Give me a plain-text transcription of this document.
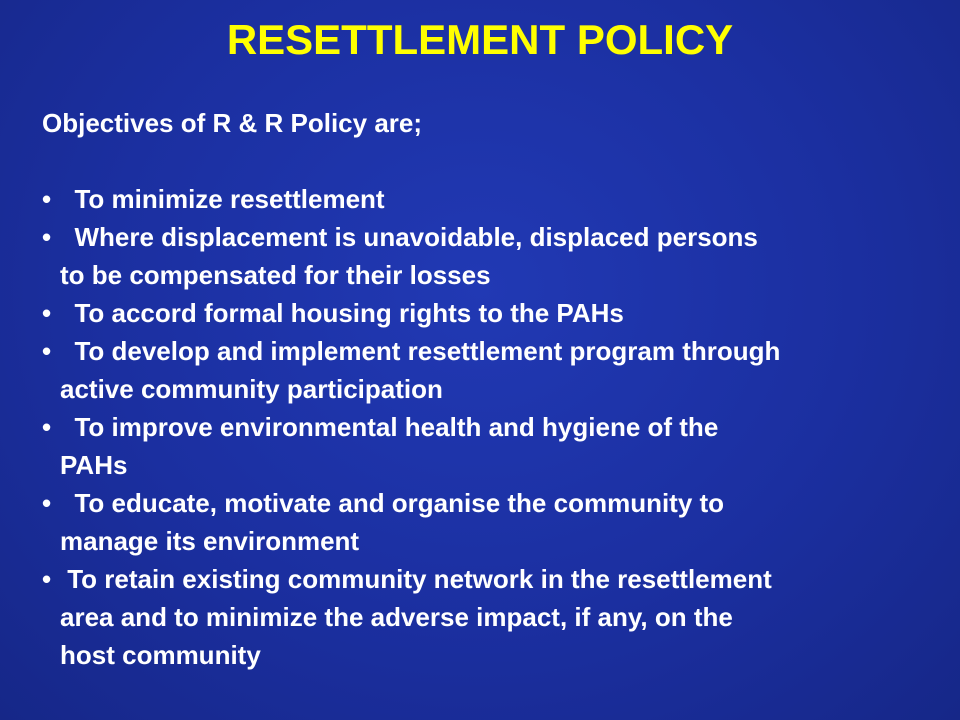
RESETTLEMENT POLICY
Objectives of R & R Policy are;
• To minimize resettlement
• Where displacement is unavoidable, displaced persons
to be compensated for their losses
• To accord formal housing rights to the PAHs
• To develop and implement resettlement program through
active community participation
• To improve environmental health and hygiene of the
PAHs
• To educate, motivate and organise the community to
manage its environment
• To retain existing community network in the resettlement
area and to minimize the adverse impact, if any, on the
host community
